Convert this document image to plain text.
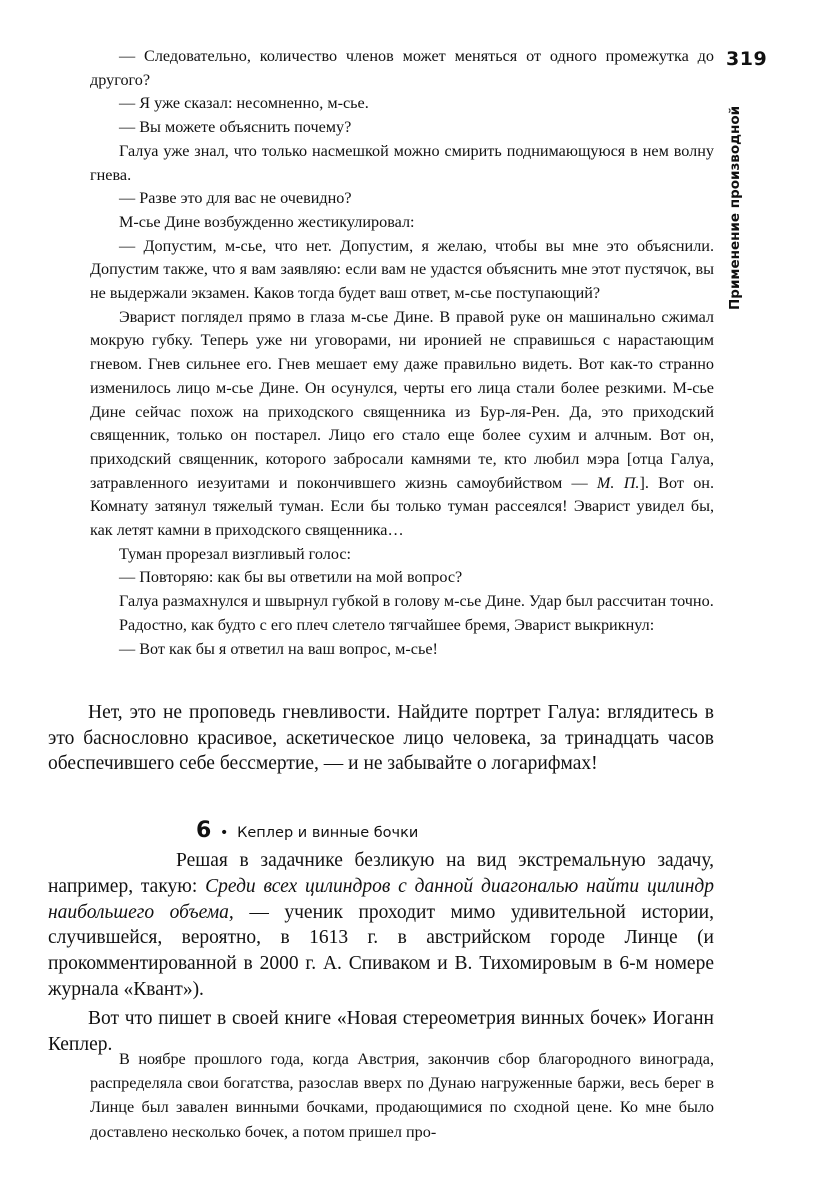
319
Применение производной

— Следовательно, количество членов может меняться от одного промежутка до другого?

— Я уже сказал: несомненно, м-сье.

— Вы можете объяснить почему?

Галуа уже знал, что только насмешкой можно смирить поднимающуюся в нем волну гнева.

— Разве это для вас не очевидно?

М-сье Дине возбужденно жестикулировал:

— Допустим, м-сье, что нет. Допустим, я желаю, чтобы вы мне это объяснили. Допустим также, что я вам заявляю: если вам не удастся объяснить мне этот пустячок, вы не выдержали экзамен. Каков тогда будет ваш ответ, м-сье поступающий?

Эварист поглядел прямо в глаза м-сье Дине. В правой руке он машинально сжимал мокрую губку. Теперь уже ни уговорами, ни иронией не справишься с нарастающим гневом. Гнев сильнее его. Гнев мешает ему даже правильно видеть. Вот как-то странно изменилось лицо м-сье Дине. Он осунулся, черты его лица стали более резкими. М-сье Дине сейчас похож на приходского священника из Бур-ля-Рен. Да, это приходский священник, только он постарел. Лицо его стало еще более сухим и алчным. Вот он, приходский священник, которого забросали камнями те, кто любил мэра [отца Галуа, затравленного иезуитами и покончившего жизнь самоубийством — М. П.]. Вот он. Комнату затянул тяжелый туман. Если бы только туман рассеялся! Эварист увидел бы, как летят камни в приходского священника…

Туман прорезал визгливый голос:

— Повторяю: как бы вы ответили на мой вопрос?

Галуа размахнулся и швырнул губкой в голову м-сье Дине. Удар был рассчитан точно.

Радостно, как будто с его плеч слетело тягчайшее бремя, Эварист выкрикнул:

— Вот как бы я ответил на ваш вопрос, м-сье!

Нет, это не проповедь гневливости. Найдите портрет Галуа: вглядитесь в это баснословно красивое, аскетическое лицо человека, за тринадцать часов обеспечившего себе бессмертие, — и не забывайте о логарифмах!

6 • Кеплер и винные бочки

Решая в задачнике безликую на вид экстремальную задачу, например, такую: Среди всех цилиндров с данной диагональю найти цилиндр наибольшего объема, — ученик проходит мимо удивительной истории, случившейся, вероятно, в 1613 г. в австрийском городе Линце (и прокомментированной в 2000 г. А. Спиваком и В. Тихомировым в 6-м номере журнала «Квант»).

Вот что пишет в своей книге «Новая стереометрия винных бочек» Иоганн Кеплер.

В ноябре прошлого года, когда Австрия, закончив сбор благородного винограда, распределяла свои богатства, разослав вверх по Дунаю нагруженные баржи, весь берег в Линце был завален винными бочками, продающимися по сходной цене. Ко мне было доставлено несколько бочек, а потом пришел про-
